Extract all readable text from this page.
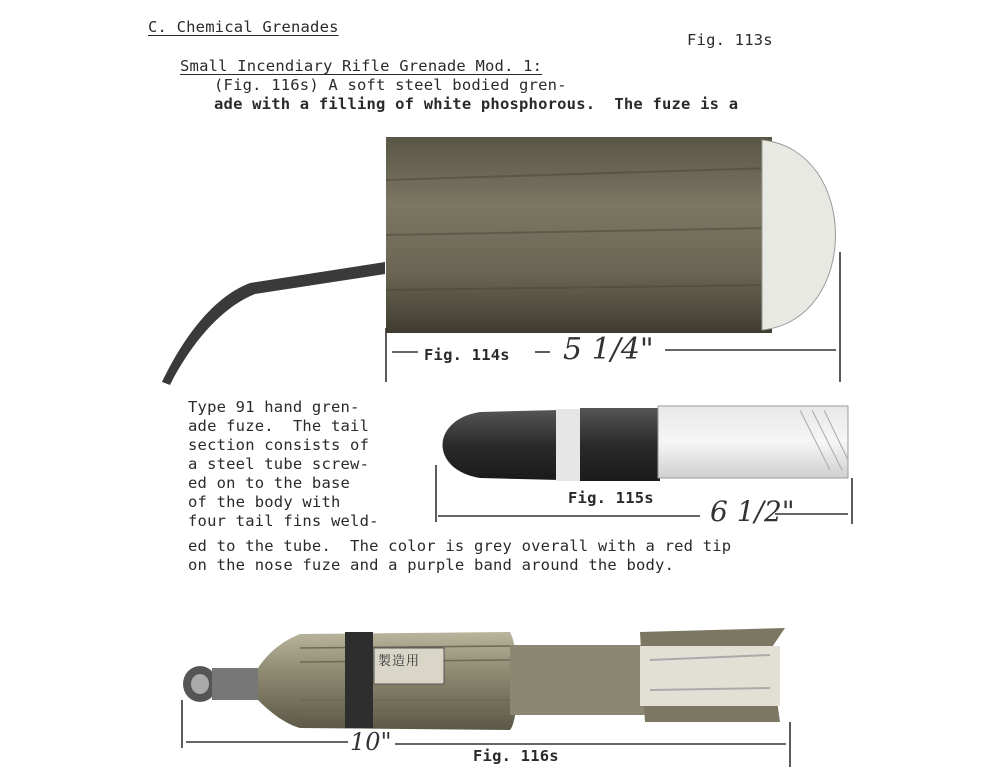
C. Chemical Grenades
Fig. 113s
Small Incendiary Rifle Grenade Mod. 1:
(Fig. 116s) A soft steel bodied gren-
ade with a filling of white phosphorous.  The fuze is a
Fig. 114s 5 1/4"
Type 91 hand gren-
ade fuze.  The tail
section consists of
a steel tube screw-
ed on to the base
of the body with
four tail fins weld-
Fig. 115s 6 1/2"
ed to the tube.  The color is grey overall with a red tip
on the nose fuze and a purple band around the body.
製造用
10"	Fig. 116s
